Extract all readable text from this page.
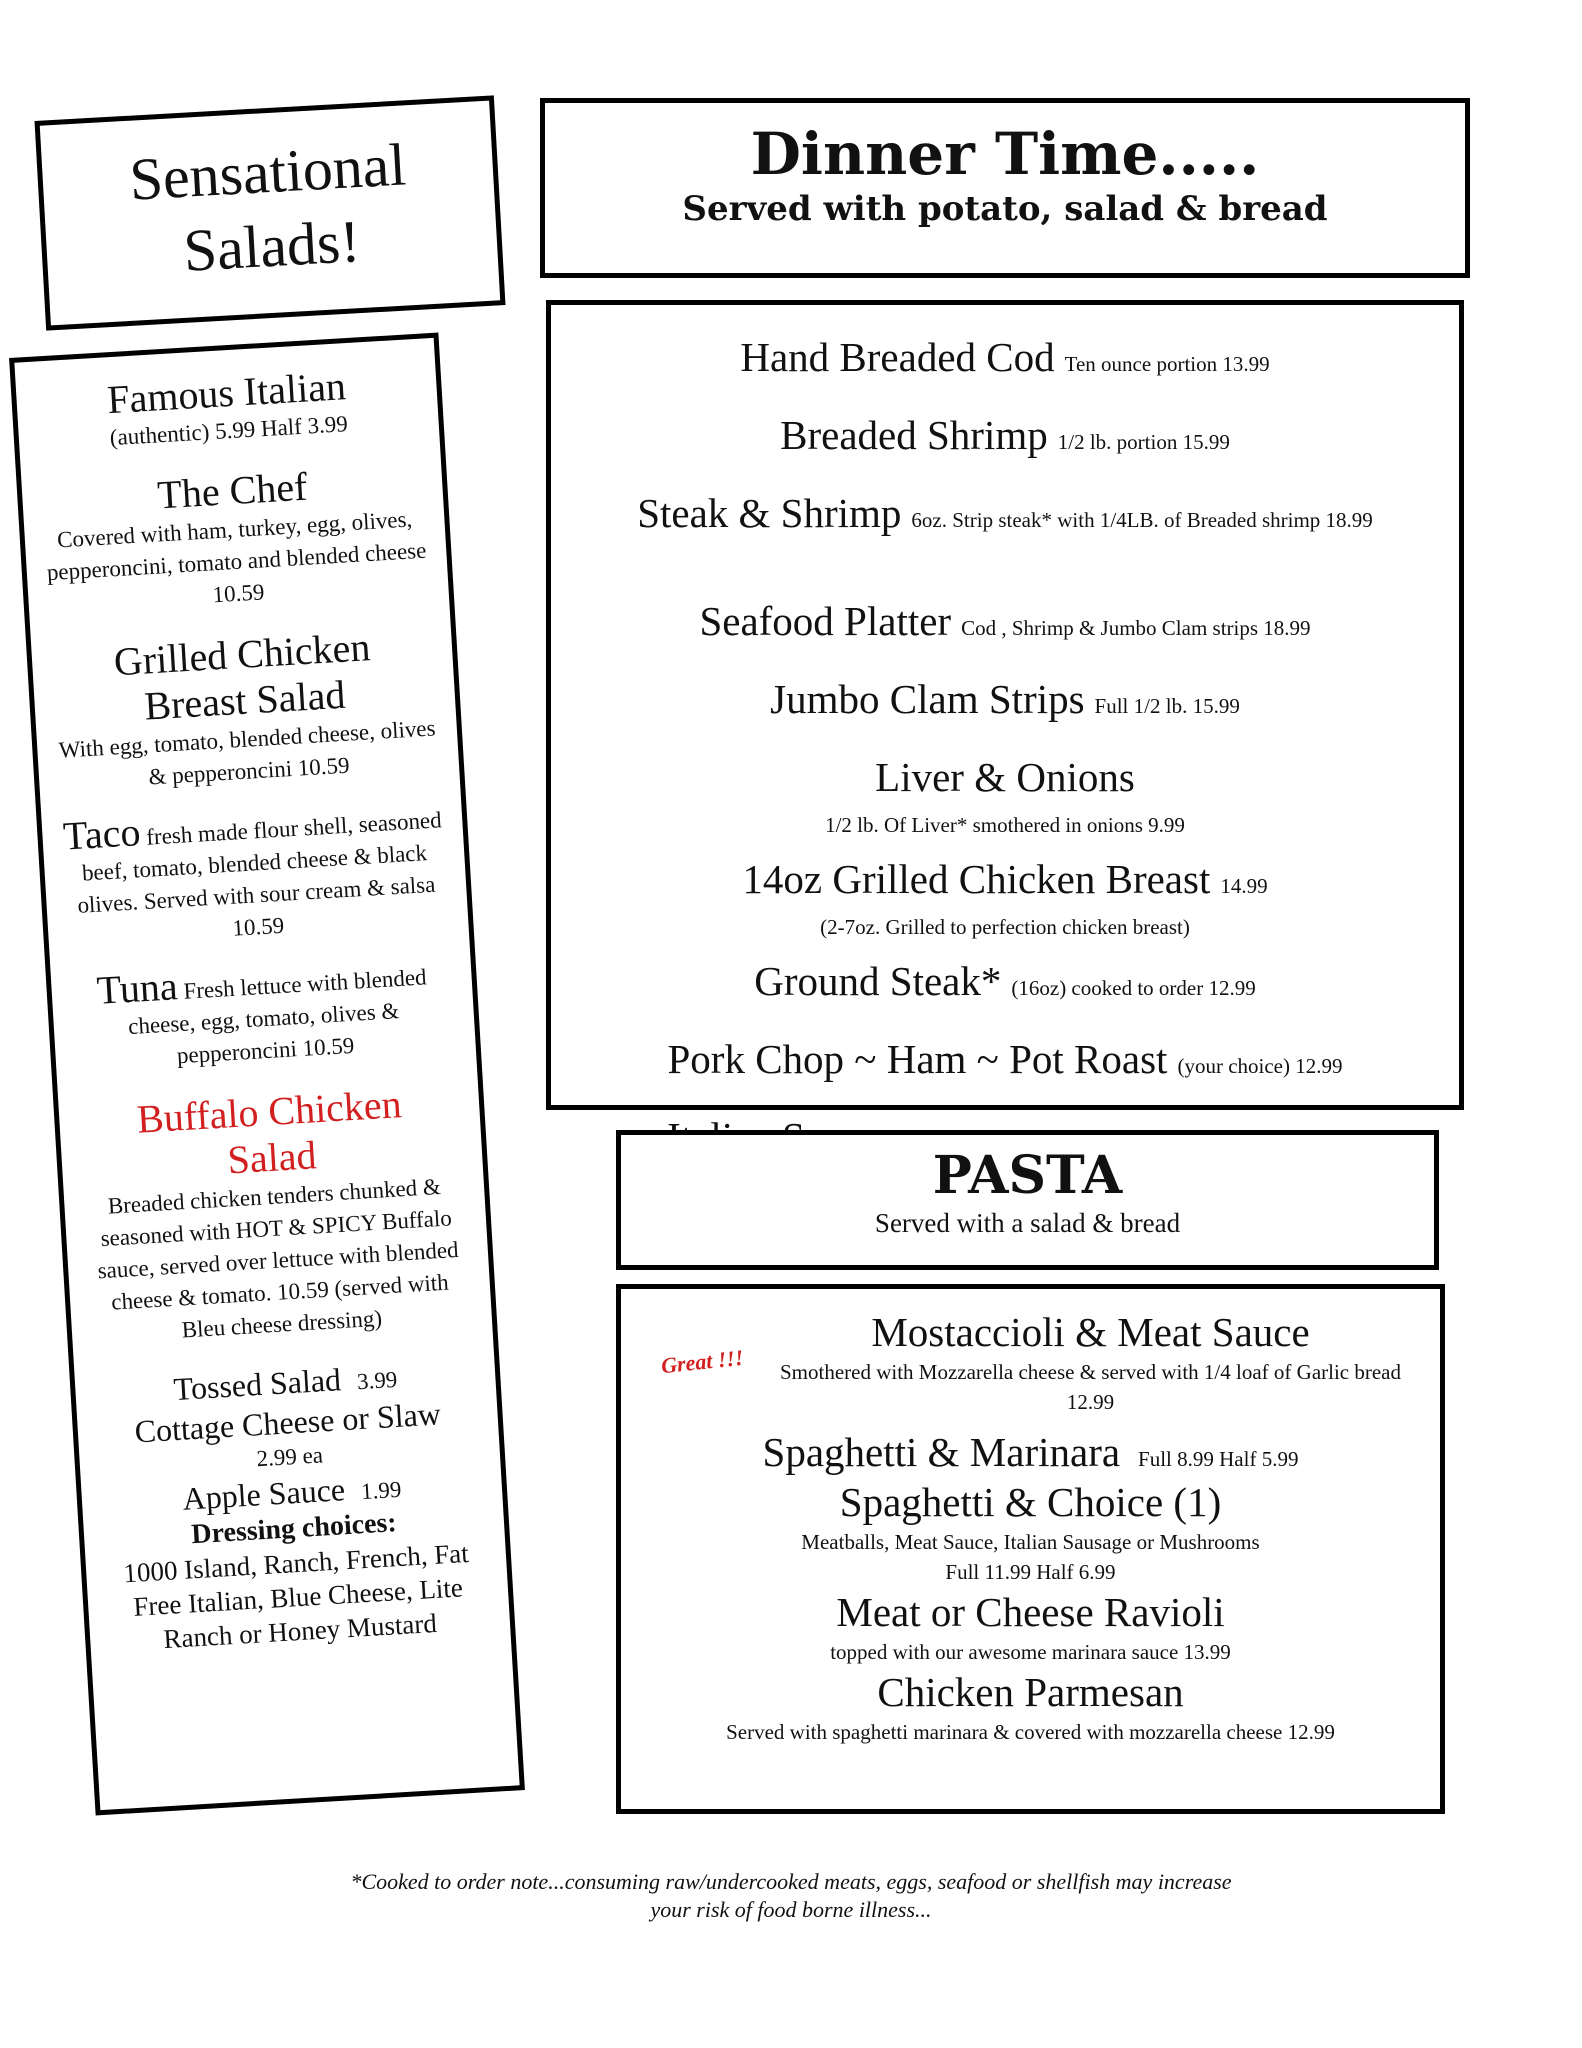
Sensational
Salads!
Famous Italian
(authentic) 5.99 Half 3.99
The Chef
Covered with ham, turkey, egg, olives, pepperoncini, tomato and blended cheese 10.59
Grilled Chicken
Breast Salad
With egg, tomato, blended cheese, olives & pepperoncini 10.59
Taco fresh made flour shell, seasoned beef, tomato, blended cheese & black olives. Served with sour cream & salsa 10.59
Tuna Fresh lettuce with blended cheese, egg, tomato, olives & pepperoncini 10.59
Buffalo Chicken
Salad
Breaded chicken tenders chunked & seasoned with HOT & SPICY Buffalo sauce, served over lettuce with blended cheese & tomato. 10.59 (served with Bleu cheese dressing)
Tossed Salad 3.99
Cottage Cheese or Slaw
2.99 ea
Apple Sauce 1.99
Dressing choices:
1000 Island, Ranch, French, Fat Free Italian, Blue Cheese, Lite Ranch or Honey Mustard
Dinner Time.....
Served with potato, salad & bread
Hand Breaded Cod Ten ounce portion 13.99
Breaded Shrimp 1/2 lb. portion 15.99
Steak & Shrimp 6oz. Strip steak* with 1/4LB. of Breaded shrimp 18.99
Seafood Platter Cod , Shrimp & Jumbo Clam strips 18.99
Jumbo Clam Strips Full 1/2 lb. 15.99
Liver & Onions
1/2 lb. Of Liver* smothered in onions 9.99
14oz Grilled Chicken Breast 14.99
(2-7oz. Grilled to perfection chicken breast)
Ground Steak* (16oz) cooked to order 12.99
Pork Chop ~ Ham ~ Pot Roast (your choice) 12.99
PASTA
Served with a salad & bread
Great !!!
Mostaccioli & Meat Sauce
Smothered with Mozzarella cheese & served with 1/4 loaf of Garlic bread 12.99
Spaghetti & Marinara Full 8.99 Half 5.99
Spaghetti & Choice (1)
Meatballs, Meat Sauce, Italian Sausage or Mushrooms
Full 11.99 Half 6.99
Meat or Cheese Ravioli
topped with our awesome marinara sauce 13.99
Chicken Parmesan
Served with spaghetti marinara & covered with mozzarella cheese 12.99
*Cooked to order note...consuming raw/undercooked meats, eggs, seafood or shellfish may increase
your risk of food borne illness...
